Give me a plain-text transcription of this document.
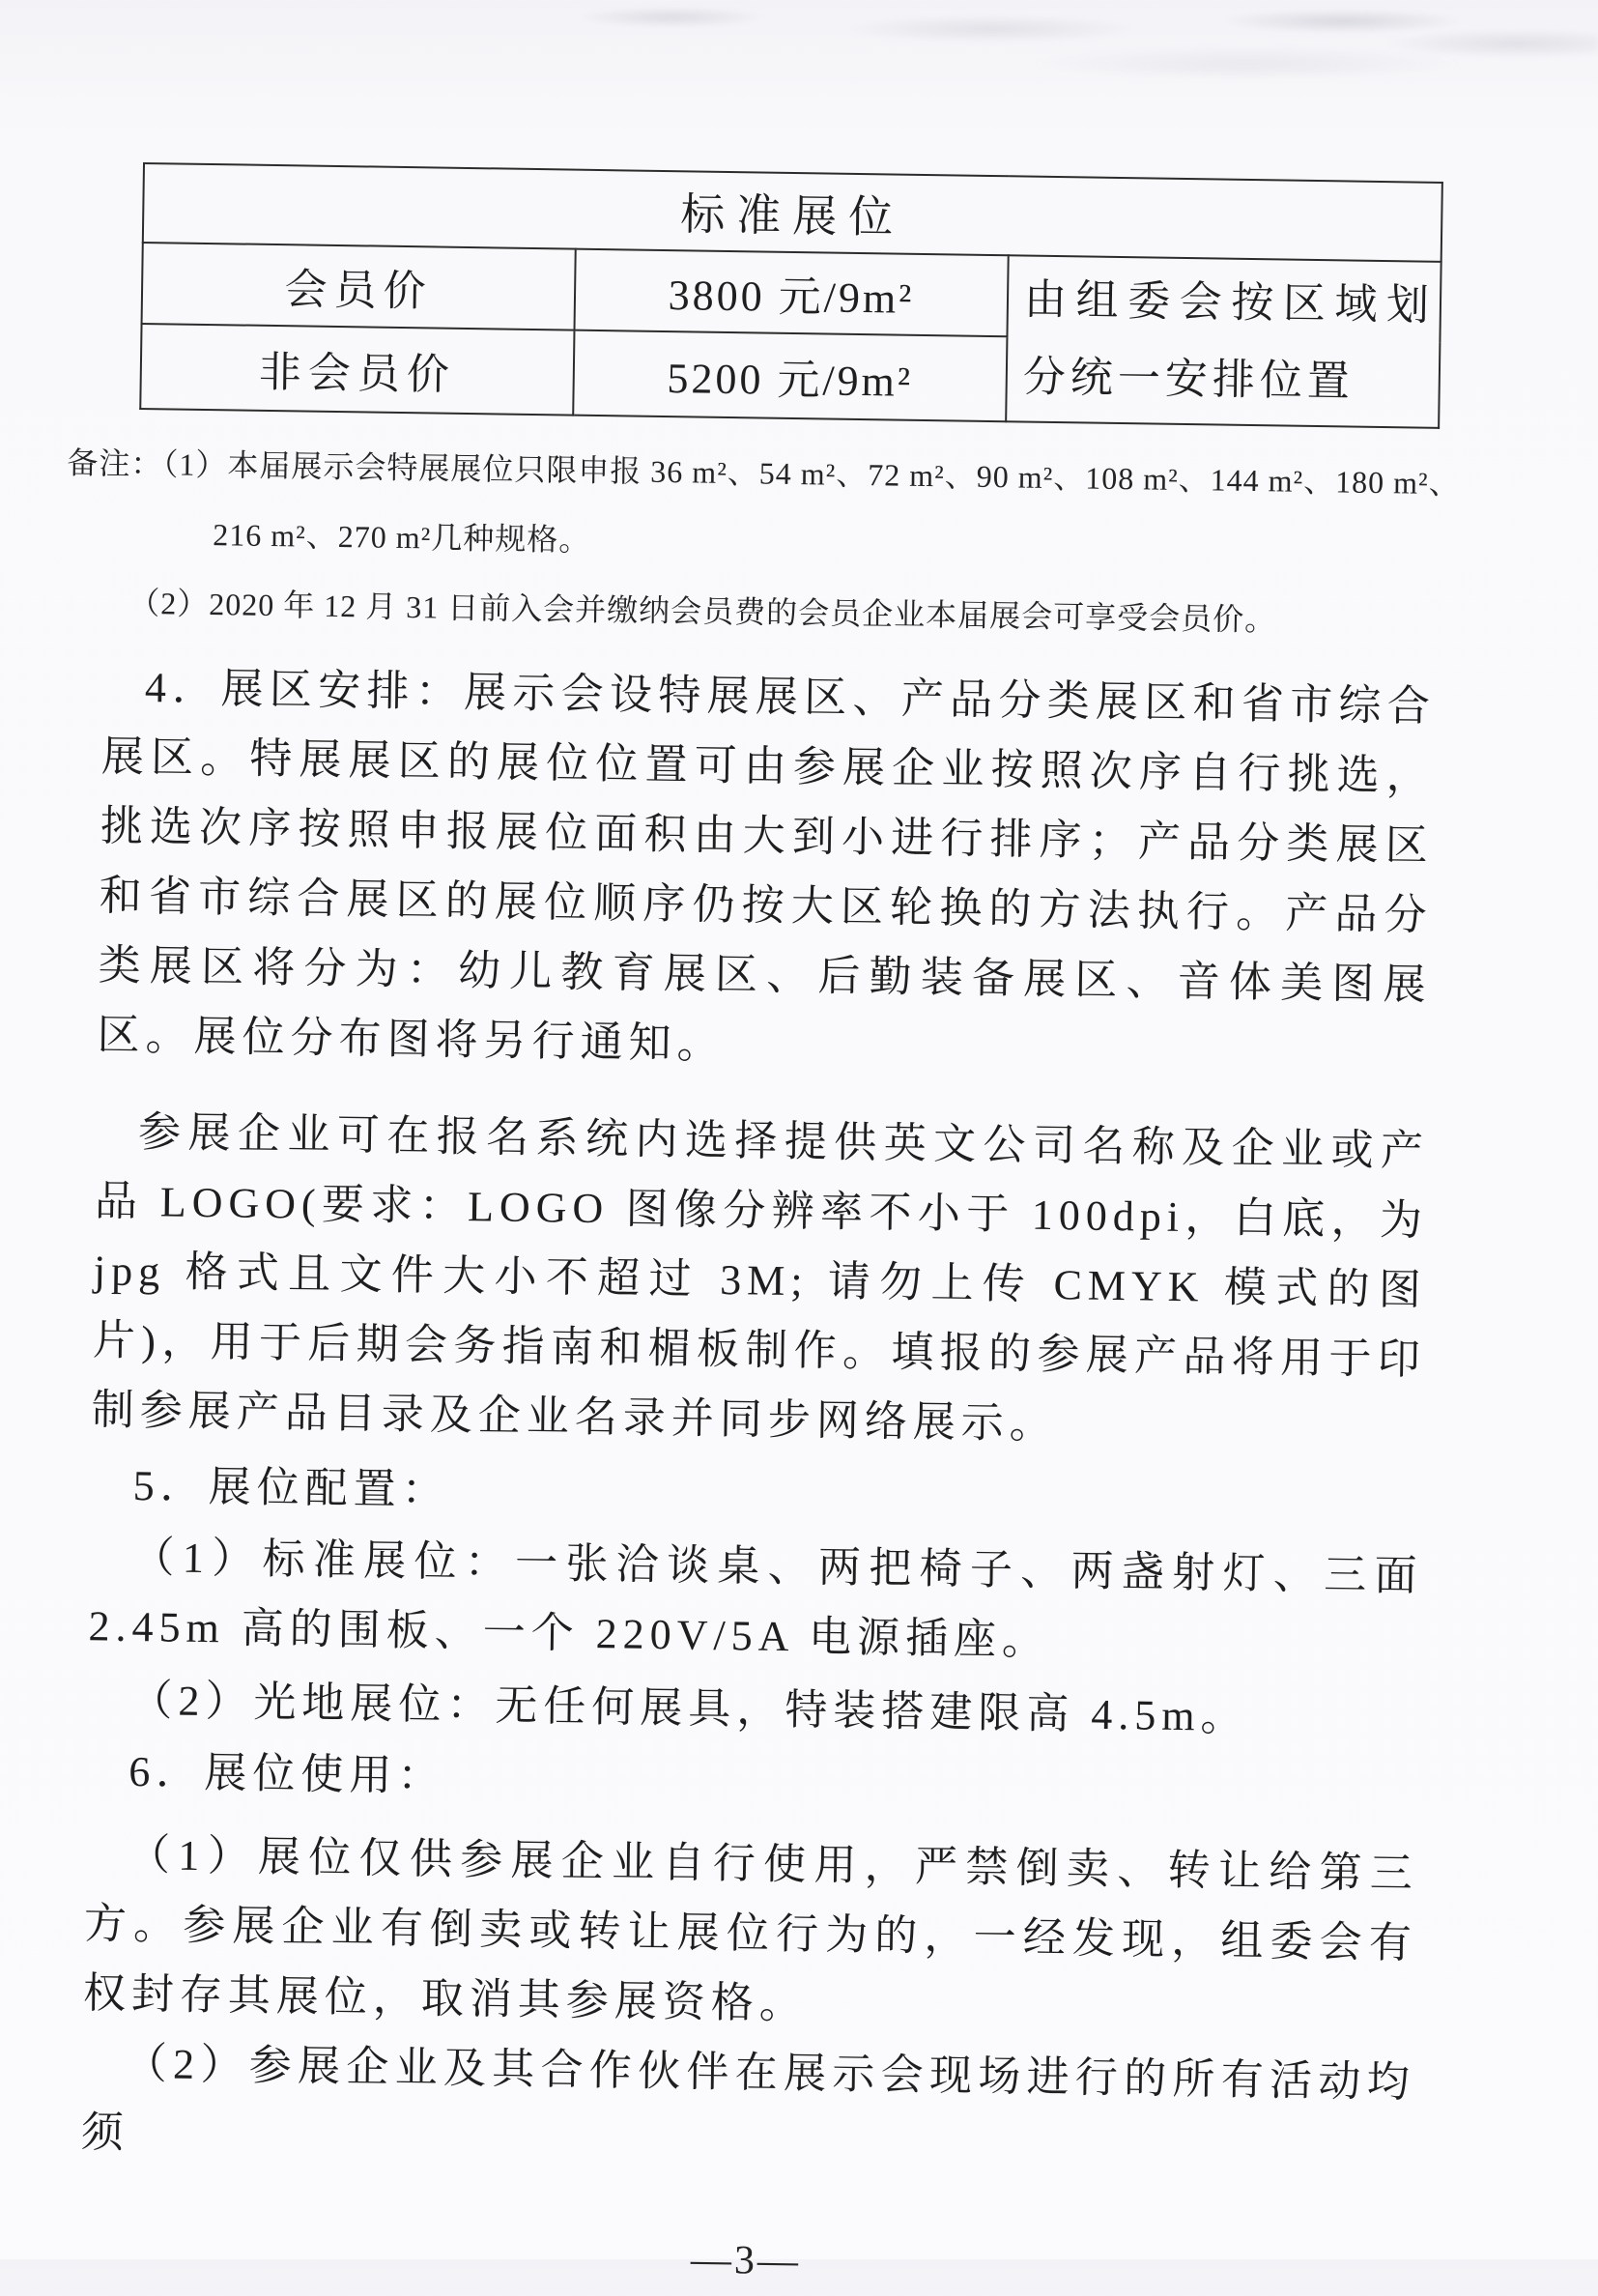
标准展位		
会员价	3800 元/9m²	由组委会按区域划分统一安排位置
非会员价	5200 元/9m²	
备注：（1）本届展示会特展展位只限申报 36 m²、54 m²、72 m²、90 m²、108 m²、144 m²、180 m²、
216 m²、270 m²几种规格。
（2）2020 年 12 月 31 日前入会并缴纳会员费的会员企业本届展会可享受会员价。

4．展区安排：展示会设特展展区、产品分类展区和省市综合展区。特展展区的展位位置可由参展企业按照次序自行挑选，挑选次序按照申报展位面积由大到小进行排序；产品分类展区和省市综合展区的展位顺序仍按大区轮换的方法执行。产品分类展区将分为：幼儿教育展区、后勤装备展区、音体美图展区。展位分布图将另行通知。

参展企业可在报名系统内选择提供英文公司名称及企业或产品 LOGO(要求：LOGO 图像分辨率不小于 100dpi，白底，为 jpg 格式且文件大小不超过 3M; 请勿上传 CMYK 模式的图片)，用于后期会务指南和楣板制作。填报的参展产品将用于印制参展产品目录及企业名录并同步网络展示。

5．展位配置：

（1）标准展位：一张洽谈桌、两把椅子、两盏射灯、三面 2.45m 高的围板、一个 220V/5A 电源插座。

（2）光地展位：无任何展具，特装搭建限高 4.5m。

6．展位使用：

（1）展位仅供参展企业自行使用，严禁倒卖、转让给第三方。参展企业有倒卖或转让展位行为的，一经发现，组委会有权封存其展位，取消其参展资格。

（2）参展企业及其合作伙伴在展示会现场进行的所有活动均须

—3—
